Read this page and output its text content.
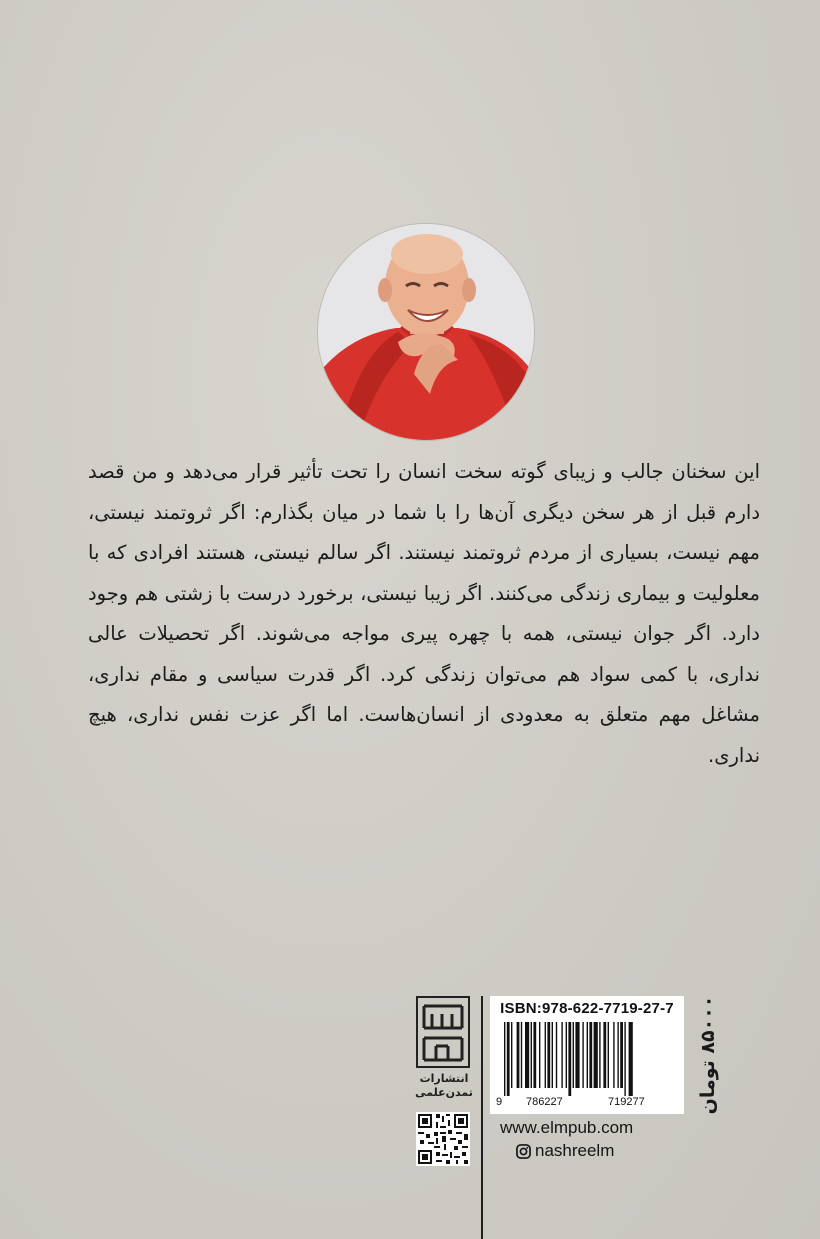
این سخنان جالب و زیبای گوته سخت انسان را تحت تأثیر قرار می‌دهد و من قصد دارم قبل از هر سخن دیگری آن‌ها را با شما در میان بگذارم: اگر ثروتمند نیستی، مهم نیست، بسیاری از مردم ثروتمند نیستند. اگر سالم نیستی، هستند افرادی که با معلولیت و بیماری زندگی می‌کنند. اگر زیبا نیستی، برخورد درست با زشتی هم وجود دارد. اگر جوان نیستی، همه با چهره پیری مواجه می‌شوند. اگر تحصیلات عالی نداری، با کمی سواد هم می‌توان زندگی کرد. اگر قدرت سیاسی و مقام نداری، مشاغل مهم متعلق به معدودی از انسان‌هاست. اما اگر عزت نفس نداری، هیچ نداری.

انتشارات
تمدن‌علمی
ISBN:978-622-7719-27-7
9 786227	719277	۸۵۰۰۰ تومان
www.elmpub.com
nashreelm
